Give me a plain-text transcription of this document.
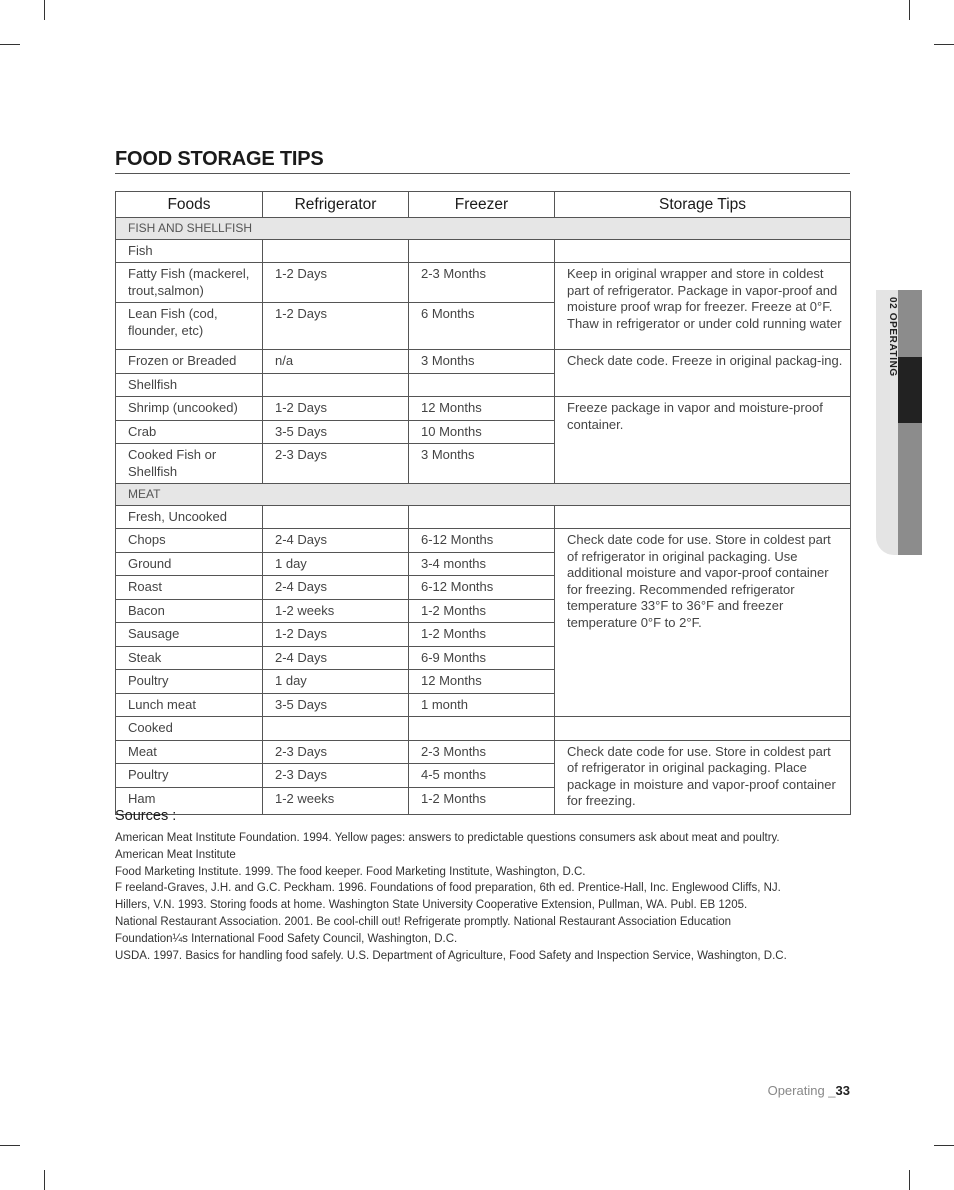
02 OPERATING
FOOD STORAGE TIPS
Foods	Refrigerator	Freezer	Storage Tips
FISH AND SHELLFISH			
Fish			
Fatty Fish (mackerel, trout,salmon)	1-2 Days	2-3 Months	Keep in original wrapper and store in coldest part of refrigerator. Package in vapor-proof and moisture proof wrap for freezer. Freeze at 0°F. Thaw in refrigerator or under cold running water
Lean Fish (cod, flounder, etc)	1-2 Days	6 Months	
Frozen or Breaded	n/a	3 Months	Check date code. Freeze in original packag-ing.
Shellfish			
Shrimp (uncooked)	1-2 Days	12 Months	Freeze package in vapor and moisture-proof container.
Crab	3-5 Days	10 Months	
Cooked Fish or Shellfish	2-3 Days	3 Months	
MEAT			
Fresh, Uncooked			
Chops	2-4 Days	6-12 Months	Check date code for use. Store in coldest part of refrigerator in original packaging. Use additional moisture and vapor-proof container for freezing. Recommended refrigerator temperature 33°F to 36°F and freezer temperature 0°F to 2°F.
Ground	1 day	3-4 months	
Roast	2-4 Days	6-12 Months	
Bacon	1-2 weeks	1-2 Months	
Sausage	1-2 Days	1-2 Months	
Steak	2-4 Days	6-9 Months	
Poultry	1 day	12 Months	
Lunch meat	3-5 Days	1 month	
Cooked			
Meat	2-3 Days	2-3 Months	Check date code for use. Store in coldest part of refrigerator in original packaging. Place package in moisture and vapor-proof container for freezing.
Poultry	2-3 Days	4-5 months	
Ham	1-2 weeks	1-2 Months	
Sources :
American Meat Institute Foundation. 1994. Yellow pages: answers to predictable questions consumers ask about meat and poultry.
American Meat Institute
Food Marketing Institute. 1999. The food keeper. Food Marketing Institute, Washington, D.C.
F reeland-Graves, J.H. and G.C. Peckham. 1996. Foundations of food preparation, 6th ed. Prentice-Hall, Inc. Englewood Cliffs, NJ.
Hillers, V.N. 1993. Storing foods at home. Washington State University Cooperative Extension, Pullman, WA. Publ. EB 1205.
National Restaurant Association. 2001. Be cool-chill out! Refrigerate promptly. National Restaurant Association Education
Foundation¼s International Food Safety Council, Washington, D.C.
USDA. 1997. Basics for handling food safely. U.S. Department of Agriculture, Food Safety and Inspection Service, Washington, D.C.
Operating _33
